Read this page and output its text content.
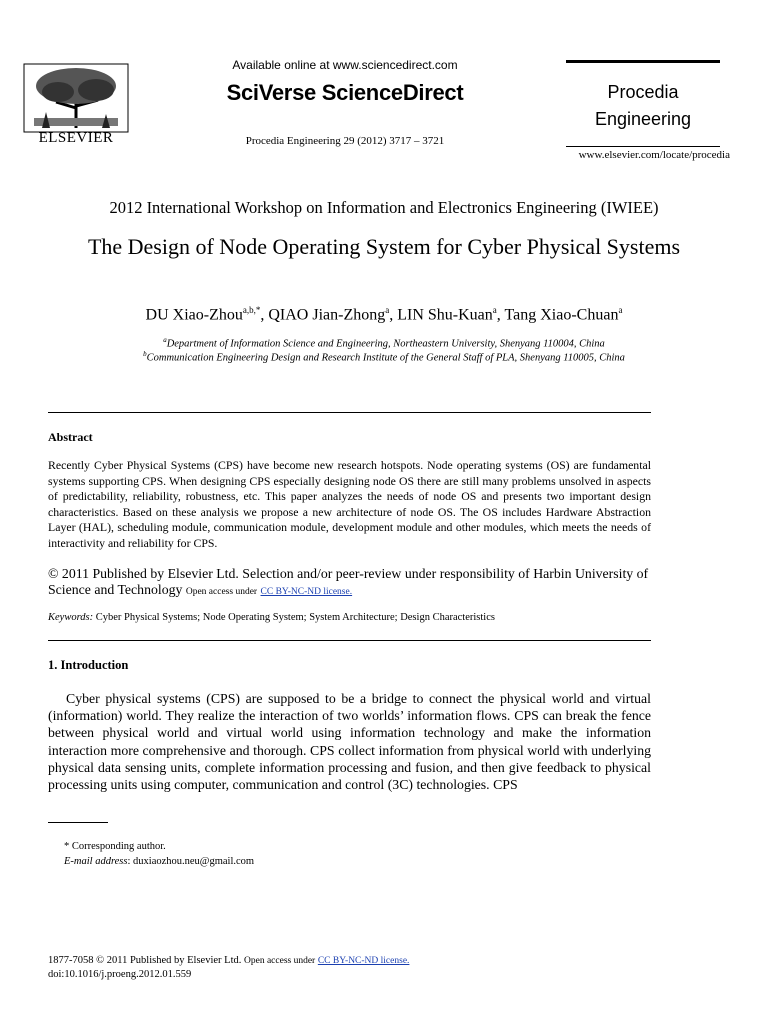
ELSEVIER
Available online at www.sciencedirect.com
SciVerse ScienceDirect
Procedia Engineering 29 (2012) 3717 – 3721
Procedia
Engineering
www.elsevier.com/locate/procedia
2012 International Workshop on Information and Electronics Engineering (IWIEE)
The Design of Node Operating System for Cyber Physical Systems
DU Xiao-Zhou$^{a,b,*}$, QIAO Jian-Zhong$^a$, LIN Shu-Kuan$^a$, Tang Xiao-Chuan$^a$
$^a$Department of Information Science and Engineering, Northeastern University, Shenyang 110004, China
$^b$Communication Engineering Design and Research Institute of the General Staff of PLA, Shenyang 110005, China
Abstract
Recently Cyber Physical Systems (CPS) have become new research hotspots. Node operating systems (OS) are fundamental systems supporting CPS. When designing CPS especially designing node OS there are still many problems unsolved in aspects of predictability, reliability, robustness, etc. This paper analyzes the needs of node OS and presents two important design characteristics. Based on these analysis we propose a new architecture of node OS. The OS includes Hardware Abstraction Layer (HAL), scheduling module, communication module, development module and other modules, which meets the needs of interactivity and reliability for CPS.
© 2011 Published by Elsevier Ltd. Selection and/or peer-review under responsibility of Harbin University of Science and Technology Open access under CC BY-NC-ND license.
Keywords: Cyber Physical Systems; Node Operating System; System Architecture; Design Characteristics
1. Introduction
Cyber physical systems (CPS) are supposed to be a bridge to connect the physical world and virtual (information) world. They realize the interaction of two worlds’ information flows. CPS can break the fence between physical world and virtual world using information technology and make the information interaction more comprehensive and thorough. CPS collect information from physical world with underlying physical data sensing units, complete information processing and fusion, and then give feedback to physical processing units using computer, communication and control (3C) technologies. CPS
* Corresponding author.
E-mail address: duxiaozhou.neu@gmail.com
1877-7058 © 2011 Published by Elsevier Ltd. Open access under CC BY-NC-ND license.
doi:10.1016/j.proeng.2012.01.559
